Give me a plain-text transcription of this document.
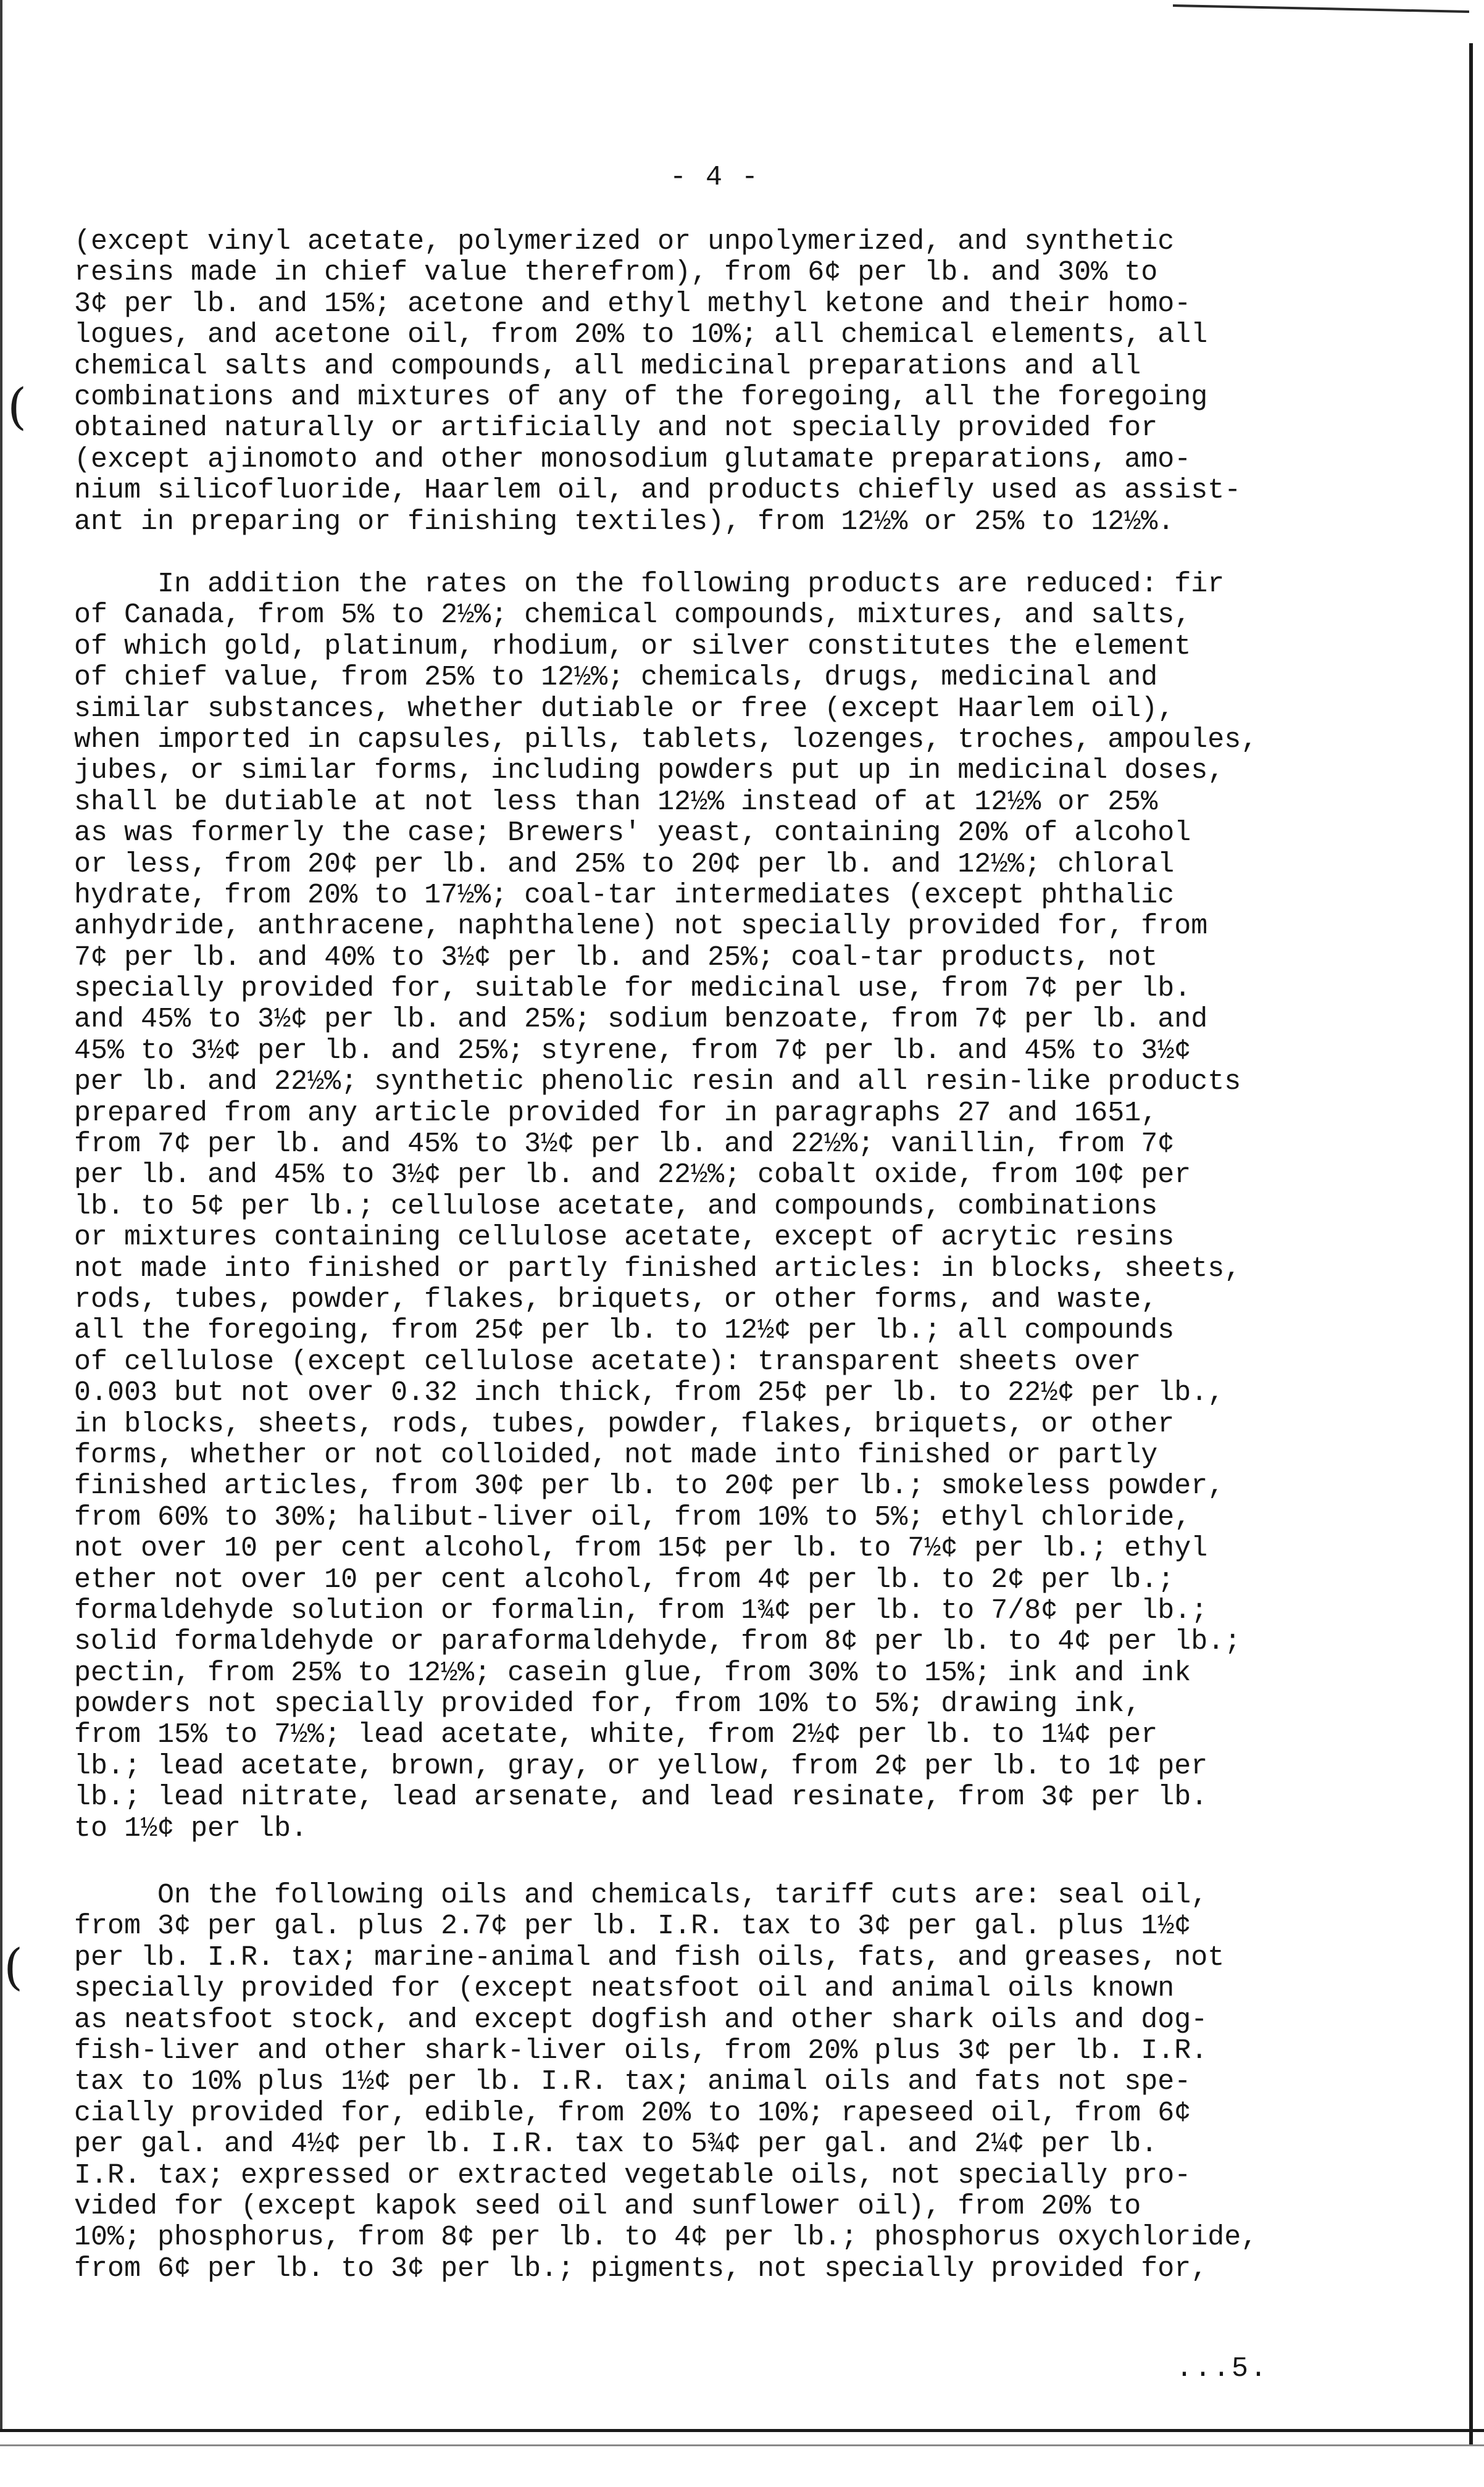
(
(
- 4 -
(except vinyl acetate, polymerized or unpolymerized, and synthetic
resins made in chief value therefrom), from 6¢ per lb. and 30% to
3¢ per lb. and 15%; acetone and ethyl methyl ketone and their homo-
logues, and acetone oil, from 20% to 10%; all chemical elements, all
chemical salts and compounds, all medicinal preparations and all
combinations and mixtures of any of the foregoing, all the foregoing
obtained naturally or artificially and not specially provided for
(except ajinomoto and other monosodium glutamate preparations, amo-
nium silicofluoride, Haarlem oil, and products chiefly used as assist-
ant in preparing or finishing textiles), from 12½% or 25% to 12½%.
In addition the rates on the following products are reduced: fir
of Canada, from 5% to 2½%; chemical compounds, mixtures, and salts,
of which gold, platinum, rhodium, or silver constitutes the element
of chief value, from 25% to 12½%; chemicals, drugs, medicinal and
similar substances, whether dutiable or free (except Haarlem oil),
when imported in capsules, pills, tablets, lozenges, troches, ampoules,
jubes, or similar forms, including powders put up in medicinal doses,
shall be dutiable at not less than 12½% instead of at 12½% or 25%
as was formerly the case; Brewers' yeast, containing 20% of alcohol
or less, from 20¢ per lb. and 25% to 20¢ per lb. and 12½%; chloral
hydrate, from 20% to 17½%; coal-tar intermediates (except phthalic
anhydride, anthracene, naphthalene) not specially provided for, from
7¢ per lb. and 40% to 3½¢ per lb. and 25%; coal-tar products, not
specially provided for, suitable for medicinal use, from 7¢ per lb.
and 45% to 3½¢ per lb. and 25%; sodium benzoate, from 7¢ per lb. and
45% to 3½¢ per lb. and 25%; styrene, from 7¢ per lb. and 45% to 3½¢
per lb. and 22½%; synthetic phenolic resin and all resin-like products
prepared from any article provided for in paragraphs 27 and 1651,
from 7¢ per lb. and 45% to 3½¢ per lb. and 22½%; vanillin, from 7¢
per lb. and 45% to 3½¢ per lb. and 22½%; cobalt oxide, from 10¢ per
lb. to 5¢ per lb.; cellulose acetate, and compounds, combinations
or mixtures containing cellulose acetate, except of acrytic resins
not made into finished or partly finished articles: in blocks, sheets,
rods, tubes, powder, flakes, briquets, or other forms, and waste,
all the foregoing, from 25¢ per lb. to 12½¢ per lb.; all compounds
of cellulose (except cellulose acetate): transparent sheets over
0.003 but not over 0.32 inch thick, from 25¢ per lb. to 22½¢ per lb.,
in blocks, sheets, rods, tubes, powder, flakes, briquets, or other
forms, whether or not colloided, not made into finished or partly
finished articles, from 30¢ per lb. to 20¢ per lb.; smokeless powder,
from 60% to 30%; halibut-liver oil, from 10% to 5%; ethyl chloride,
not over 10 per cent alcohol, from 15¢ per lb. to 7½¢ per lb.; ethyl
ether not over 10 per cent alcohol, from 4¢ per lb. to 2¢ per lb.;
formaldehyde solution or formalin, from 1¾¢ per lb. to 7/8¢ per lb.;
solid formaldehyde or paraformaldehyde, from 8¢ per lb. to 4¢ per lb.;
pectin, from 25% to 12½%; casein glue, from 30% to 15%; ink and ink
powders not specially provided for, from 10% to 5%; drawing ink,
from 15% to 7½%; lead acetate, white, from 2½¢ per lb. to 1¼¢ per
lb.; lead acetate, brown, gray, or yellow, from 2¢ per lb. to 1¢ per
lb.; lead nitrate, lead arsenate, and lead resinate, from 3¢ per lb.
to 1½¢ per lb.
On the following oils and chemicals, tariff cuts are: seal oil,
from 3¢ per gal. plus 2.7¢ per lb. I.R. tax to 3¢ per gal. plus 1½¢
per lb. I.R. tax; marine-animal and fish oils, fats, and greases, not
specially provided for (except neatsfoot oil and animal oils known
as neatsfoot stock, and except dogfish and other shark oils and dog-
fish-liver and other shark-liver oils, from 20% plus 3¢ per lb. I.R.
tax to 10% plus 1½¢ per lb. I.R. tax; animal oils and fats not spe-
cially provided for, edible, from 20% to 10%; rapeseed oil, from 6¢
per gal. and 4½¢ per lb. I.R. tax to 5¾¢ per gal. and 2¼¢ per lb.
I.R. tax; expressed or extracted vegetable oils, not specially pro-
vided for (except kapok seed oil and sunflower oil), from 20% to
10%; phosphorus, from 8¢ per lb. to 4¢ per lb.; phosphorus oxychloride,
from 6¢ per lb. to 3¢ per lb.; pigments, not specially provided for,
...5.
